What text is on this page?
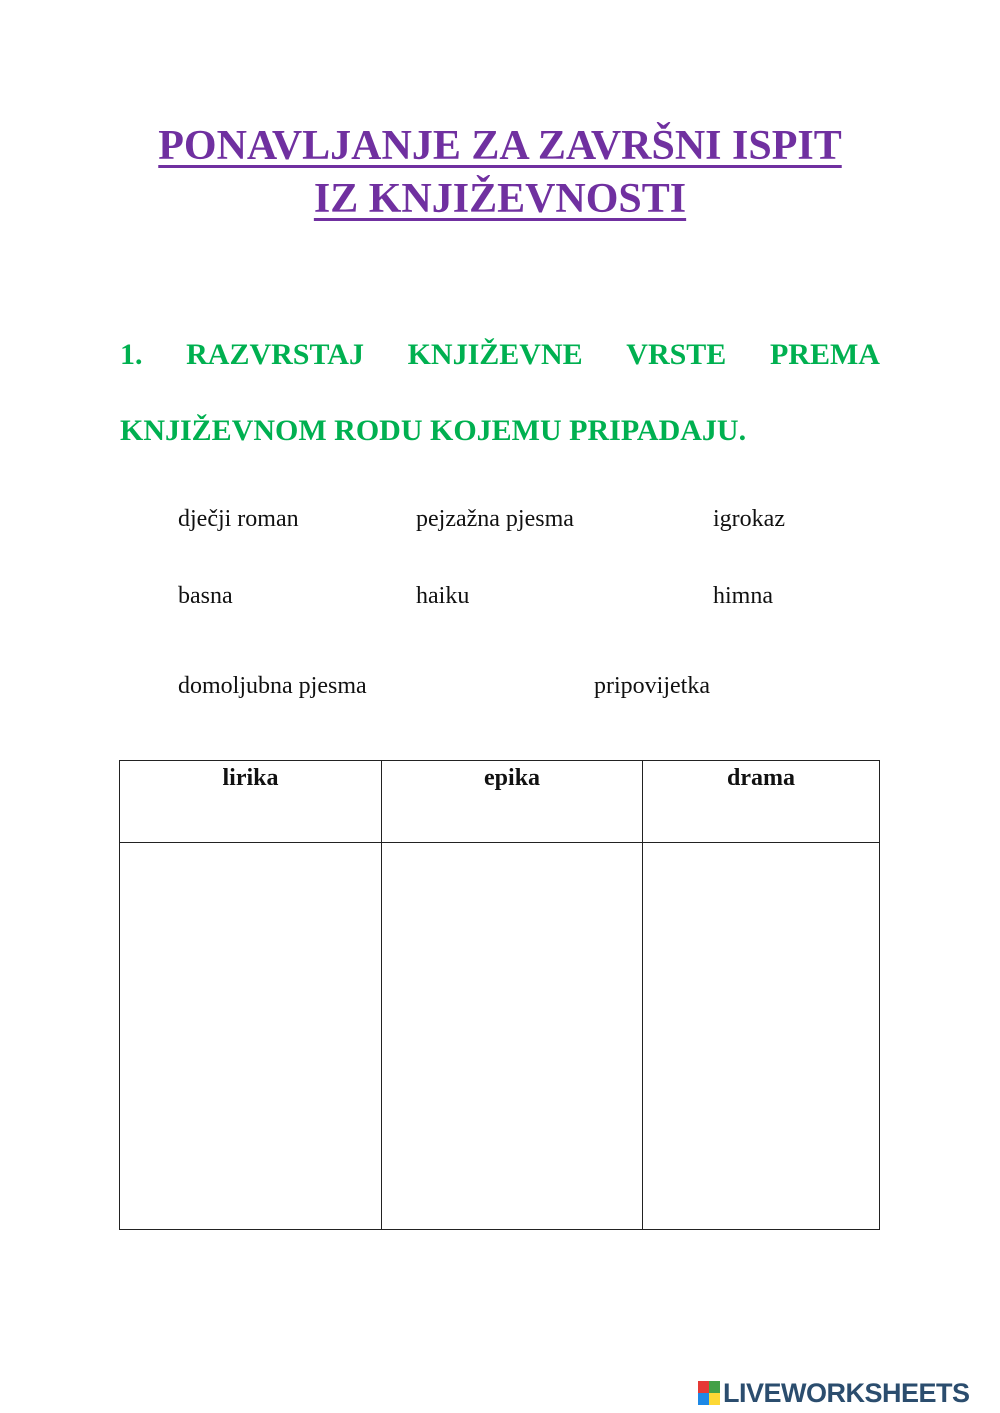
PONAVLJANJE ZA ZAVRŠNI ISPIT
IZ KNJIŽEVNOSTI

1. RAZVRSTAJ KNJIŽEVNE VRSTE PREMA

KNJIŽEVNOM RODU KOJEMU PRIPADAJU.

dječji roman	pejzažna pjesma	igrokaz
basna	haiku	himna
domoljubna pjesma	pripovijetka
lirika	epika	drama

LIVEWORKSHEETS
